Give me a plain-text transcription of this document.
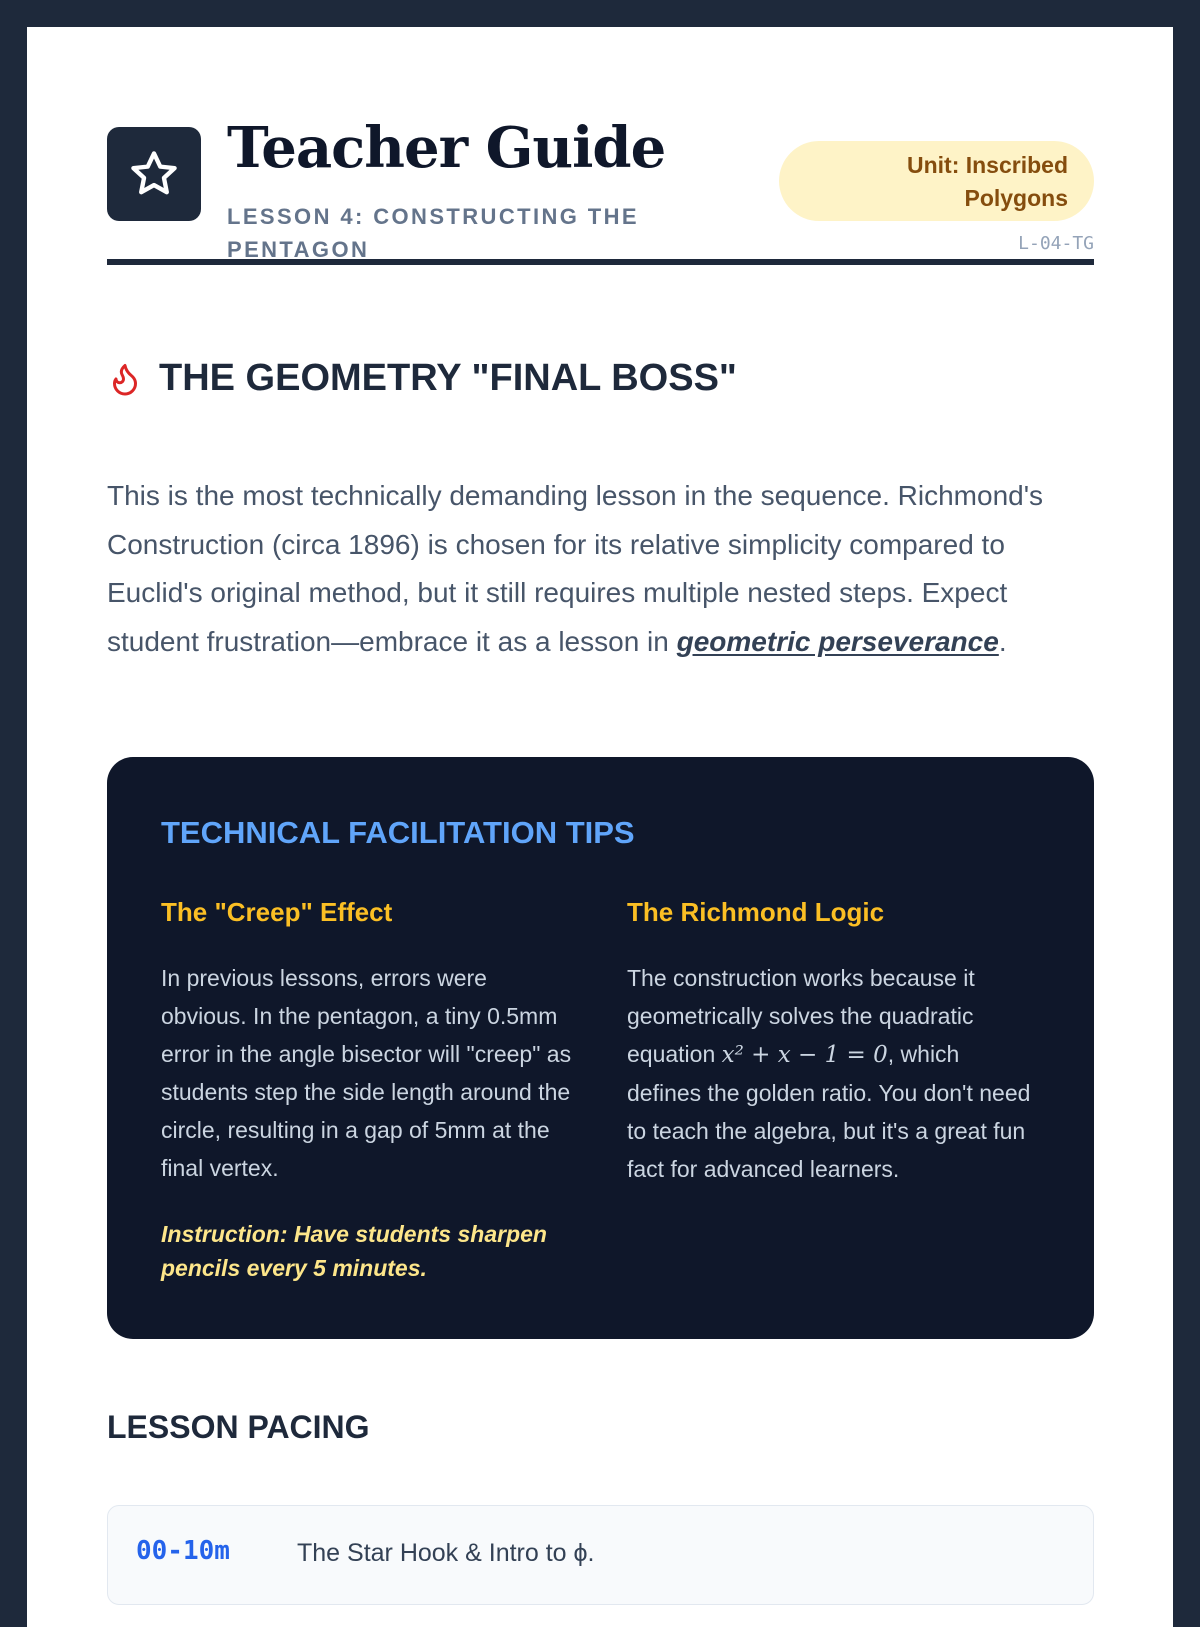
Teacher Guide
LESSON 4: CONSTRUCTING THE PENTAGON
Unit: Inscribed Polygons
L-04-TG
THE GEOMETRY "FINAL BOSS"

This is the most technically demanding lesson in the sequence. Richmond's Construction (circa 1896) is chosen for its relative simplicity compared to Euclid's original method, but it still requires multiple nested steps. Expect student frustration—embrace it as a lesson in geometric perseverance.

TECHNICAL FACILITATION TIPS
The "Creep" Effect

In previous lessons, errors were obvious. In the pentagon, a tiny 0.5mm error in the angle bisector will "creep" as students step the side length around the circle, resulting in a gap of 5mm at the final vertex.

Instruction: Have students sharpen pencils every 5 minutes.
The Richmond Logic

The construction works because it geometrically solves the quadratic equation x² + x − 1 = 0, which defines the golden ratio. You don't need to teach the algebra, but it's a great fun fact for advanced learners.

LESSON PACING
00-10m	The Star Hook & Intro to ϕ.
